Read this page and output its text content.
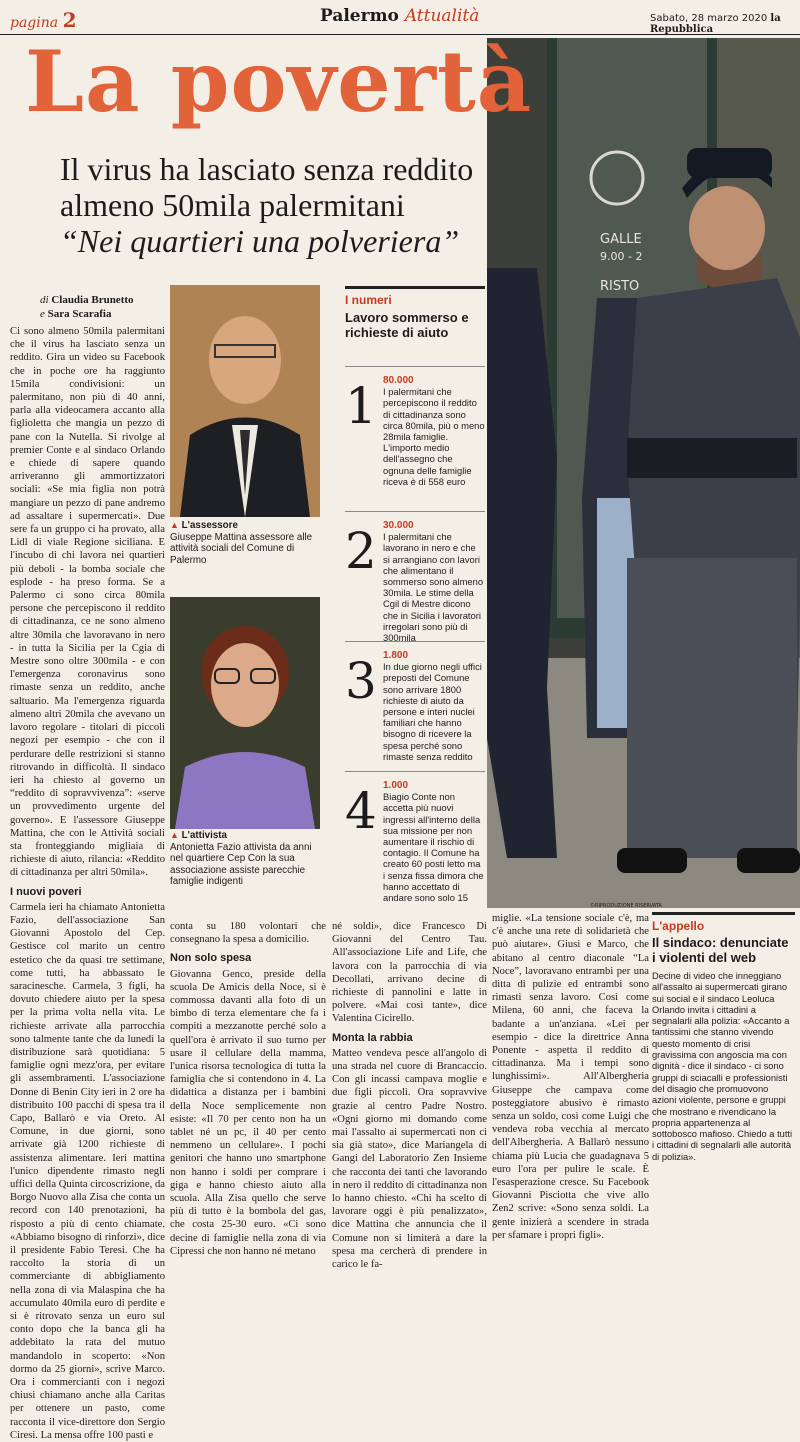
pagina 2	Palermo Attualità	Sabato, 28 marzo 2020 la Repubblica
GALLE
9.00 - 2
RISTO
La povertà
Il virus ha lasciato senza reddito
almeno 50mila palermitani
“Nei quartieri una polveriera”
di Claudia Brunetto
e Sara Scarafia

Ci sono almeno 50mila palermitani che il virus ha lasciato senza un reddito. Gira un video su Facebook che in poche ore ha raggiunto 15mila condivisioni: un palermitano, non più di 40 anni, parla alla videocamera accanto alla figlioletta che mangia un pezzo di pane con la Nutella. Si rivolge al premier Conte e al sindaco Orlando e chiede di sapere quando arriveranno gli ammortizzatori sociali: «Se mia figlia non potrà mangiare un pezzo di pane andremo ad assaltare i supermercati». Due sere fa un gruppo ci ha provato, alla Lidl di viale Regione siciliana. E l'incubo di chi lavora nei quartieri più deboli - la bomba sociale che esplode - ha preso forma. Se a Palermo ci sono circa 80mila persone che percepiscono il reddito di cittadinanza, ce ne sono almeno altre 30mila che lavoravano in nero - in tutta la Sicilia per la Cgia di Mestre sono oltre 300mila - e con l'emergenza coronavirus sono rimaste senza un reddito, anche saltuario. Ma l'emergenza riguarda almeno altri 20mila che avevano un lavoro regolare - titolari di piccoli negozi per esempio - che con il perdurare delle restrizioni si stanno ritrovando in difficoltà. Il sindaco ieri ha chiesto al governo un “reddito di sopravvivenza”: «serve un provvedimento urgente del governo». E l'assessore Giuseppe Mattina, che con le Attività sociali sta fronteggiando migliaia di richieste di aiuto, rilancia: «Reddito di cittadinanza per altri 50mila».

I nuovi poveri

Carmela ieri ha chiamato Antonietta Fazio, dell'associazione San Giovanni Apostolo del Cep. Gestisce col marito un centro estetico che da quasi tre settimane, come tutti, ha abbassato le saracinesche. Carmela, 3 figli, ha dovuto chiedere aiuto per la spesa per la prima volta nella vita. Le richieste arrivate alla parrocchia sono talmente tante che da lunedì la distribuzione sarà quotidiana: 5 famiglie ogni mezz'ora, per evitare gli assembramenti. L'associazione Donne di Benin City ieri in 2 ore ha distribuito 100 pacchi di spesa tra il Capo, Ballarò e via Oreto. Al Comune, in due giorni, sono arrivate già 1200 richieste di assistenza alimentare. Ieri mattina l'unico dipendente rimasto negli uffici della Quinta circoscrizione, da Borgo Nuovo alla Zisa che conta un record con 140 prenotazioni, ha risposto a più di cento chiamate. «Abbiamo bisogno di rinforzi», dice il presidente Fabio Teresi. Che ha raccolto la storia di un commerciante di abbigliamento nella zona di via Malaspina che ha accumulato 40mila euro di perdite e si è ritrovato senza un euro sul conto dopo che la banca gli ha addebitato la rata del mutuo mandandolo in scoperto: «Non dormo da 25 giorni», scrive Marco. Ora i commercianti con i negozi chiusi chiamano anche alla Caritas per ottenere un pasto, come racconta il vice-direttore don Sergio Ciresi. La mensa offre 100 pasti e

▲ L'assessore
Giuseppe Mattina assessore alle attività sociali del Comune di Palermo
▲ L'attivista
Antonietta Fazio attivista da anni nel quartiere Cep Con la sua associazione assiste parecchie famiglie indigenti
I numeri
Lavoro sommerso e richieste di aiuto
1 80.000
I palermitani che percepiscono il reddito di cittadinanza sono circa 80mila, più o meno 28mila famiglie. L'importo medio dell'assegno che ognuna delle famiglie riceva è di 558 euro
2 30.000
I palermitani che lavorano in nero e che si arrangiano con lavori che alimentano il sommerso sono almeno 30mila. Le stime della Cgil di Mestre dicono che in Sicilia i lavoratori irregolari sono più di 300mila
3 1.800
In due giorno negli uffici preposti del Comune sono arrivare 1800 richieste di aiuto da persone e interi nuclei familiari che hanno bisogno di ricevere la spesa perché sono rimaste senza reddito
4 1.000
Biagio Conte non accetta più nuovi ingressi all'interno della sua missione per non aumentare il rischio di contagio. Il Comune ha creato 60 posti letto ma i senza fissa dimora che hanno accettato di andare sono solo 15

conta su 180 volontari che consegnano la spesa a domicilio.

Non solo spesa

Giovanna Genco, preside della scuola De Amicis della Noce, si è commossa davanti alla foto di un bimbo di terza elementare che fa i compiti a mezzanotte perché solo a quell'ora è arrivato il suo turno per usare il cellulare della mamma, l'unica risorsa tecnologica di tutta la famiglia che si contendono in 4. La didattica a distanza per i bambini della Noce semplicemente non esiste: «Il 70 per cento non ha un tablet né un pc, il 40 per cento nemmeno un cellulare». I pochi genitori che hanno uno smartphone non hanno i soldi per comprare i giga e hanno chiesto aiuto alla scuola. Alla Zisa quello che serve più di tutto è la bombola del gas, che costa 25-30 euro. «Ci sono decine di famiglie nella zona di via Cipressi che non hanno né metano

né soldi», dice Francesco Di Giovanni del Centro Tau. All'associazione Life and Life, che lavora con la parrocchia di via Decollati, arrivano decine di richieste di pannolini e latte in polvere. «Mai così tante», dice Valentina Cicirello.

Monta la rabbia

Matteo vendeva pesce all'angolo di una strada nel cuore di Brancaccio. Con gli incassi campava moglie e due figli piccoli. Ora sopravvive grazie al centro Padre Nostro. «Ogni giorno mi domando come mai l'assalto ai supermercati non ci sia già stato», dice Mariangela di Gangi del Laboratorio Zen Insieme che racconta dei tanti che lavorando in nero il reddito di cittadinanza non lo hanno chiesto. «Chi ha scelto di lavorare oggi è più penalizzato», dice Mattina che annuncia che il Comune non si limiterà a dare la spesa ma cercherà di prendere in carico le fa-

miglie. «La tensione sociale c'è, ma c'è anche una rete di solidarietà che può aiutare». Giusi e Marco, che abitano al centro diaconale “La Noce”, lavoravano entrambi per una ditta di pulizie ed entrambi sono rimasti senza lavoro. Così come Milena, 60 anni, che faceva la badante a un'anziana. «Lei per esempio - dice la direttrice Anna Ponente - aspetta il reddito di cittadinanza. Ma i tempi sono lunghissimi». All'Albergheria Giuseppe che campava come posteggiatore abusivo è rimasto senza un soldo, così come Luigi che vendeva roba vecchia al mercato dell'Albergheria. A Ballarò nessuno chiama più Lucia che guadagnava 5 euro l'ora per pulire le scale. È l'esasperazione cresce. Su Facebook Giovanni Pisciotta che vive allo Zen2 scrive: «Sono senza soldi. La gente inizierà a scendere in strada per sfamare i propri figli».

©RIPRODUZIONE RISERVATA
L'appello
Il sindaco: denunciate i violenti del web
Decine di video che inneggiano all'assalto ai supermercati girano sui social e il sindaco Leoluca Orlando invita i cittadini a segnalarli alla polizia: «Accanto a tantissimi che stanno vivendo questo momento di crisi gravissima con angoscia ma con dignità - dice il sindaco - ci sono gruppi di sciacalli e professionisti del disagio che promuovono azioni violente, persone e gruppi che mostrano e rivendicano la propria appartenenza al sottobosco mafioso. Chiedo a tutti i cittadini di segnalarli alle autorità di polizia».
